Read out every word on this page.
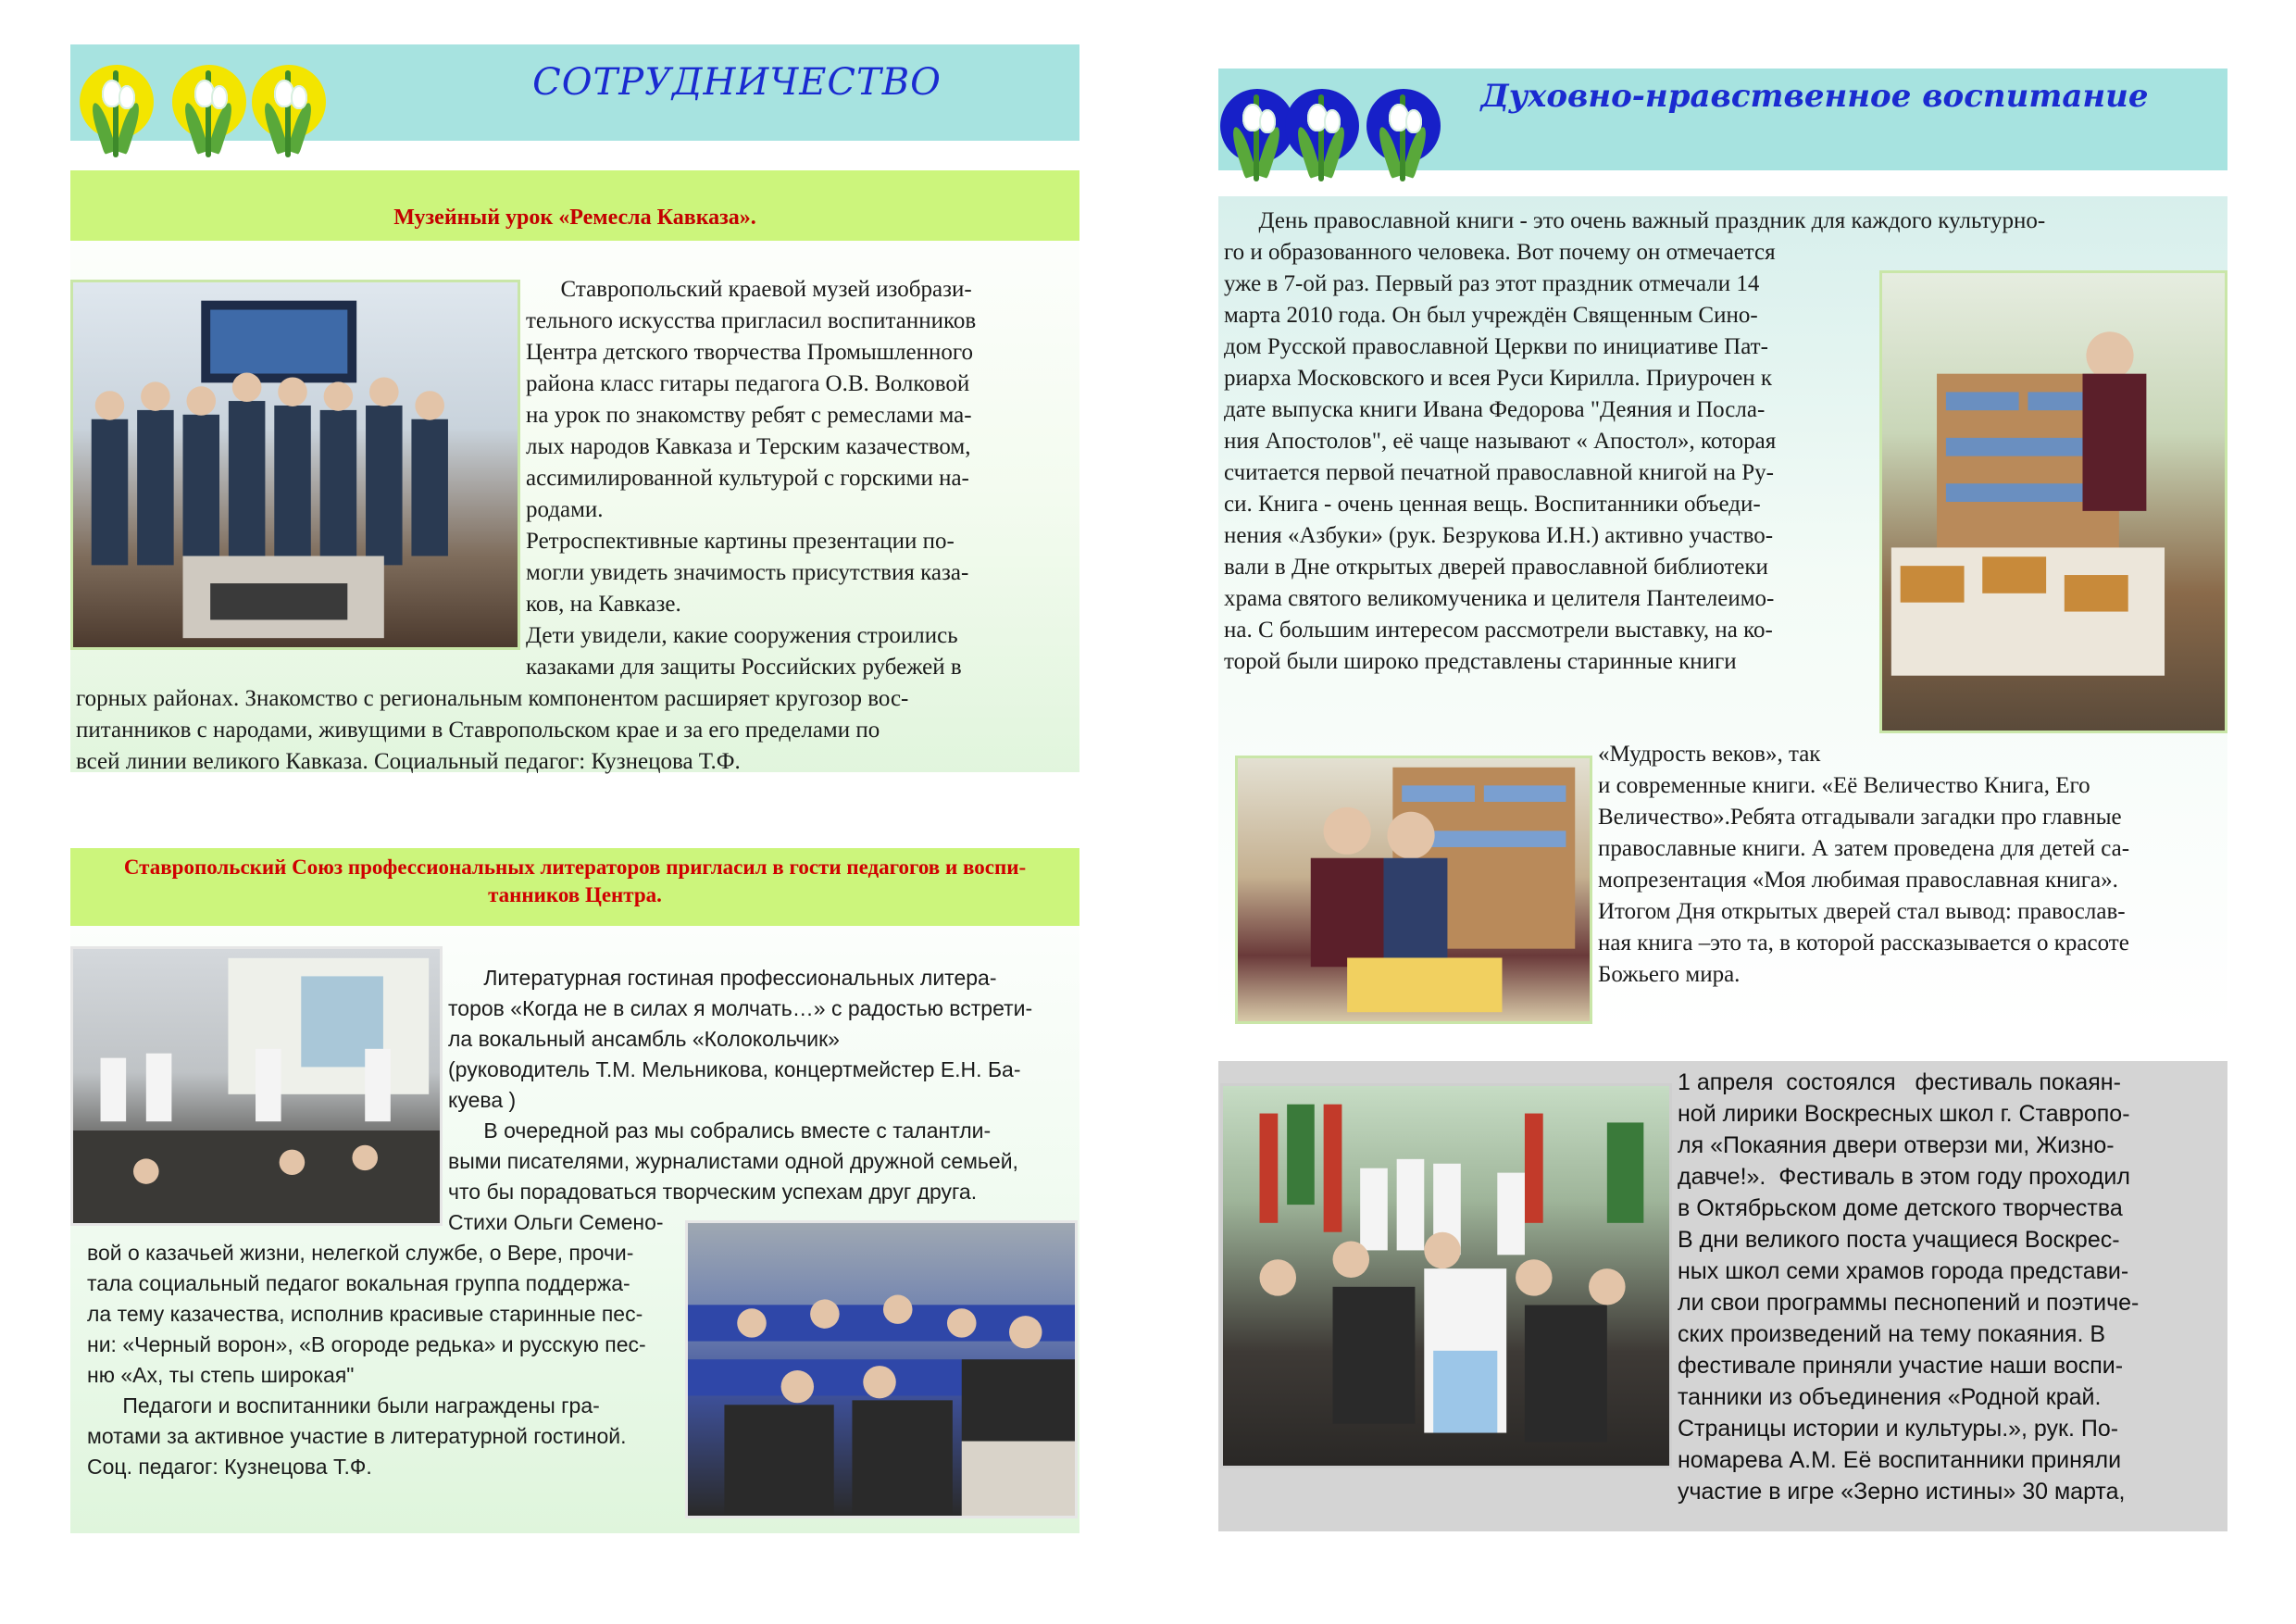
СОТРУДНИЧЕСТВО
Музейный урок «Ремесла Кавказа».
Ставропольский краевой музей изобрази-
тельного искусства пригласил воспитанников
Центра детского творчества Промышленного
района класс гитары педагога О.В. Волковой
на урок по знакомству ребят с ремеслами ма-
лых народов Кавказа и Терским казачеством,
ассимилированной культурой с горскими на-
родами.
Ретроспективные картины презентации по-
могли увидеть значимость присутствия каза-
ков, на Кавказе.
Дети увидели, какие сооружения строились
казаками для защиты Российских рубежей в
горных районах. Знакомство с региональным компонентом расширяет кругозор вос-
питанников с народами, живущими в Ставропольском крае и за его пределами по
всей линии великого Кавказа. Социальный педагог: Кузнецова Т.Ф.
Ставропольский Союз профессиональных литераторов пригласил в гости педагогов и воспи-
танников Центра.
Литературная гостиная профессиональных литера-
торов «Когда не в силах я молчать…» с радостью встрети-
ла вокальный ансамбль «Колокольчик»
(руководитель Т.М. Мельникова, концертмейстер Е.Н. Ба-
куева )
В очередной раз мы собрались вместе с талантли-
выми писателями, журналистами одной дружной семьей,
что бы порадоваться творческим успехам друг друга.
Стихи Ольги Семено-
вой о казачьей жизни, нелегкой службе, о Вере, прочи-
тала социальный педагог вокальная группа поддержа-
ла тему казачества, исполнив красивые старинные пес-
ни: «Черный ворон», «В огороде редька» и русскую пес-
ню «Ах, ты степь широкая"
Педагоги и воспитанники были награждены гра-
мотами за активное участие в литературной гостиной.
Соц. педагог: Кузнецова Т.Ф.
Духовно-нравственное воспитание
День православной книги - это очень важный праздник для каждого культурно-
го и образованного человека. Вот почему он отмечается
уже в 7-ой раз. Первый раз этот праздник отмечали 14
марта 2010 года. Он был учреждён Священным Сино-
дом Русской православной Церкви по инициативе Пат-
риарха Московского и всея Руси Кирилла. Приурочен к
дате выпуска книги Ивана Федорова "Деяния и Посла-
ния Апостолов", её чаще называют « Апостол», которая
считается первой печатной православной книгой на Ру-
си. Книга - очень ценная вещь. Воспитанники объеди-
нения «Азбуки» (рук. Безрукова И.Н.) активно участво-
вали в Дне открытых дверей православной библиотеки
храма святого великомученика и целителя Пантелеимо-
на. С большим интересом рассмотрели выставку, на ко-
торой были широко представлены старинные книги
«Мудрость веков», так
и современные книги. «Её Величество Книга, Его
Величество».Ребята отгадывали загадки про главные
православные книги. А затем проведена для детей са-
мопрезентация «Моя любимая православная книга».
Итогом Дня открытых дверей стал вывод: православ-
ная книга –это та, в которой рассказывается о красоте
Божьего мира.
1 апреля  состоялся   фестиваль покаян-
ной лирики Воскресных школ г. Ставропо-
ля «Покаяния двери отверзи ми, Жизно-
давче!».  Фестиваль в этом году проходил
в Октябрьском доме детского творчества
В дни великого поста учащиеся Воскрес-
ных школ семи храмов города представи-
ли свои программы песнопений и поэтиче-
ских произведений на тему покаяния. В
фестивале приняли участие наши воспи-
танники из объединения «Родной край.
Страницы истории и культуры.», рук. По-
номарева А.М. Её воспитанники приняли
участие в игре «Зерно истины» 30 марта,
